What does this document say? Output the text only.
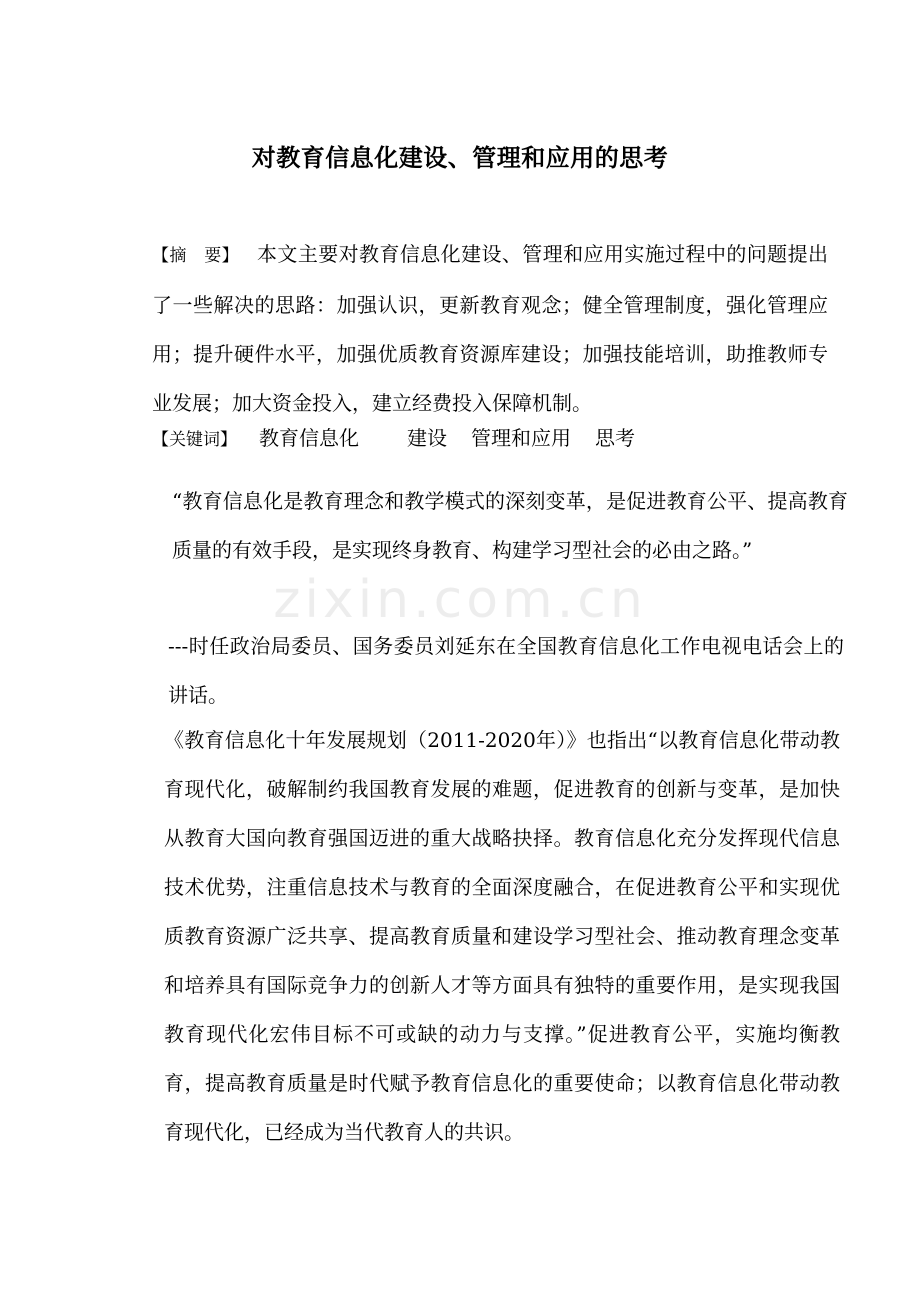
zixin.com.cn
对教育信息化建设、管理和应用的思考

【摘　要】 本文主要对教育信息化建设、管理和应用实施过程中的问题提出了一些解决的思路：加强认识，更新教育观念；健全管理制度，强化管理应用；提升硬件水平，加强优质教育资源库建设；加强技能培训，助推教师专业发展；加大资金投入，建立经费投入保障机制。

【关键词】 教育信息化 建设 管理和应用 思考

“教育信息化是教育理念和教学模式的深刻变革，是促进教育公平、提高教育质量的有效手段，是实现终身教育、构建学习型社会的必由之路。”

---时任政治局委员、国务委员刘延东在全国教育信息化工作电视电话会上的讲话。

《教育信息化十年发展规划（2011-2020年）》也指出“以教育信息化带动教育现代化，破解制约我国教育发展的难题，促进教育的创新与变革，是加快从教育大国向教育强国迈进的重大战略抉择。教育信息化充分发挥现代信息技术优势，注重信息技术与教育的全面深度融合，在促进教育公平和实现优质教育资源广泛共享、提高教育质量和建设学习型社会、推动教育理念变革和培养具有国际竞争力的创新人才等方面具有独特的重要作用，是实现我国教育现代化宏伟目标不可或缺的动力与支撑。”促进教育公平，实施均衡教育，提高教育质量是时代赋予教育信息化的重要使命；以教育信息化带动教育现代化，已经成为当代教育人的共识。
